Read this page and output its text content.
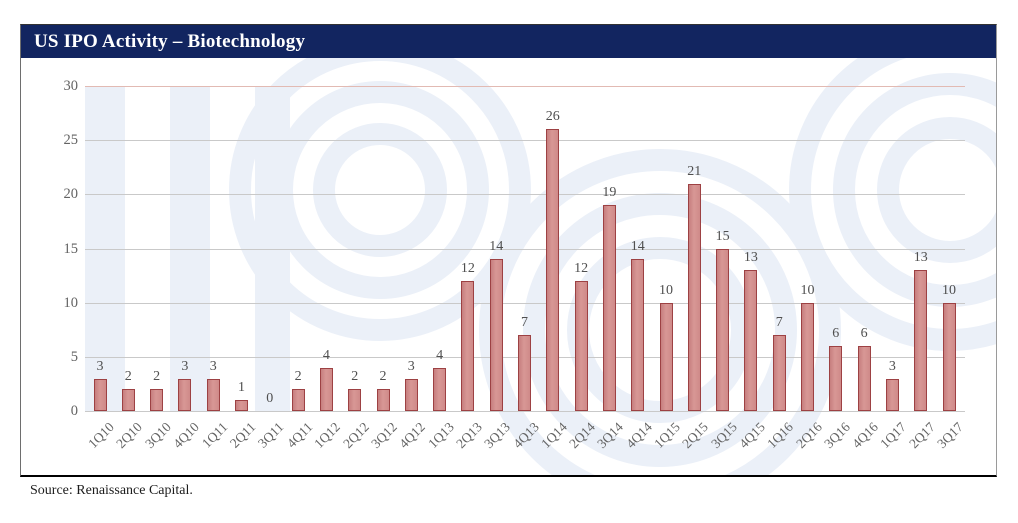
US IPO Activity – Biotechnology
0
5
10
15
20
25
30
3
2	2
3	3
1
0
2
4
2	2
3
4
12
14
7
26
12
19
14
10
21
15
13
7
10
6	6
3
13
10
1Q10
2Q10
3Q10
4Q10
1Q11
2Q11
3Q11
4Q11
1Q12
2Q12
3Q12
4Q12
1Q13
2Q13
3Q13
4Q13
1Q14
2Q14
3Q14
4Q14
1Q15
2Q15
3Q15
4Q15
1Q16
2Q16
3Q16
4Q16
1Q17
2Q17
3Q17

Source: Renaissance Capital.
